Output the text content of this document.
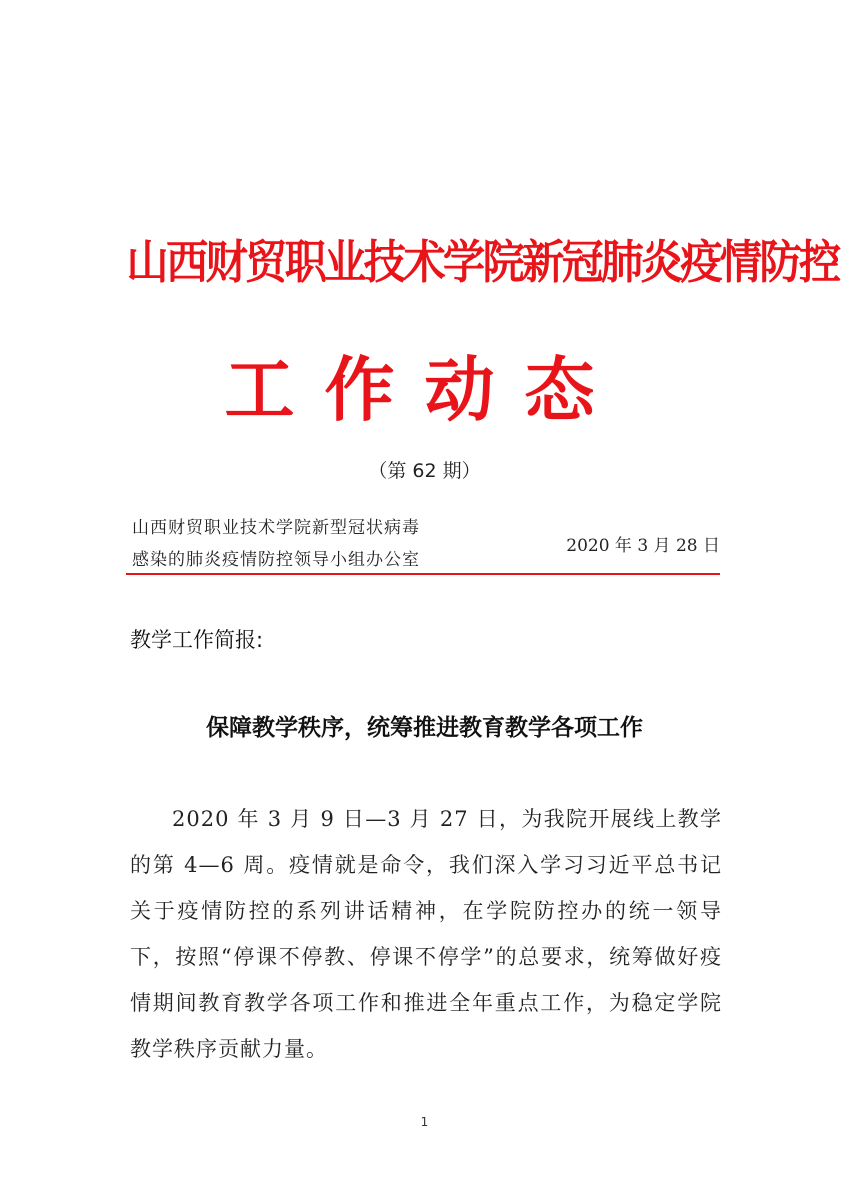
山西财贸职业技术学院新冠肺炎疫情防控
工作动态
（第 62 期）
山西财贸职业技术学院新型冠状病毒
感染的肺炎疫情防控领导小组办公室
2020 年 3 月 28 日
教学工作简报:
保障教学秩序，统筹推进教育教学各项工作
2020 年 3 月 9 日—3 月 27 日，为我院开展线上教学的第 4—6 周。疫情就是命令，我们深入学习习近平总书记关于疫情防控的系列讲话精神，在学院防控办的统一领导下，按照“停课不停教、停课不停学”的总要求，统筹做好疫情期间教育教学各项工作和推进全年重点工作，为稳定学院教学秩序贡献力量。
1
